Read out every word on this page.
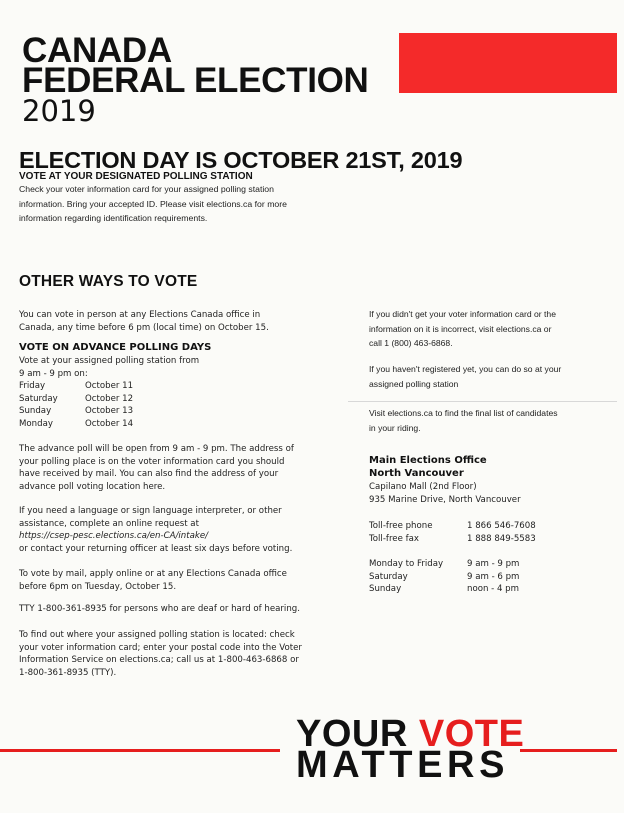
CANADA
FEDERAL ELECTION
2019
ELECTION DAY IS OCTOBER 21ST, 2019
VOTE AT YOUR DESIGNATED POLLING STATION
Check your voter information card for your assigned polling station
information. Bring your accepted ID. Please visit elections.ca for more
information regarding identification requirements.
OTHER WAYS TO VOTE
You can vote in person at any Elections Canada office in
Canada, any time before 6 pm (local time) on October 15.
VOTE ON ADVANCE POLLING DAYS
Vote at your assigned polling station from
9 am - 9 pm on:
Friday	October 11
Saturday	October 12
Sunday	October 13
Monday	October 14
The advance poll will be open from 9 am - 9 pm. The address of
your polling place is on the voter information card you should
have received by mail. You can also find the address of your
advance poll voting location here.
If you need a language or sign language interpreter, or other
assistance, complete an online request at
https://csep-pesc.elections.ca/en-CA/intake/
or contact your returning officer at least six days before voting.
To vote by mail, apply online or at any Elections Canada office
before 6pm on Tuesday, October 15.
TTY 1-800-361-8935 for persons who are deaf or hard of hearing.
To find out where your assigned polling station is located: check
your voter information card; enter your postal code into the Voter
Information Service on elections.ca; call us at 1-800-463-6868 or
1-800-361-8935 (TTY).
If you didn't get your voter information card or the
information on it is incorrect, visit elections.ca or
call 1 (800) 463-6868.
If you haven't registered yet, you can do so at your
assigned polling station
Visit elections.ca to find the final list of candidates
in your riding.
Main Elections Office
North Vancouver
Capilano Mall (2nd Floor)
935 Marine Drive, North Vancouver
Toll-free phone	1 866 546-7608
Toll-free fax	1 888 849-5583
Monday to Friday	9 am - 9 pm
Saturday	9 am - 6 pm
Sunday	noon - 4 pm
YOUR VOTE
MATTERS
